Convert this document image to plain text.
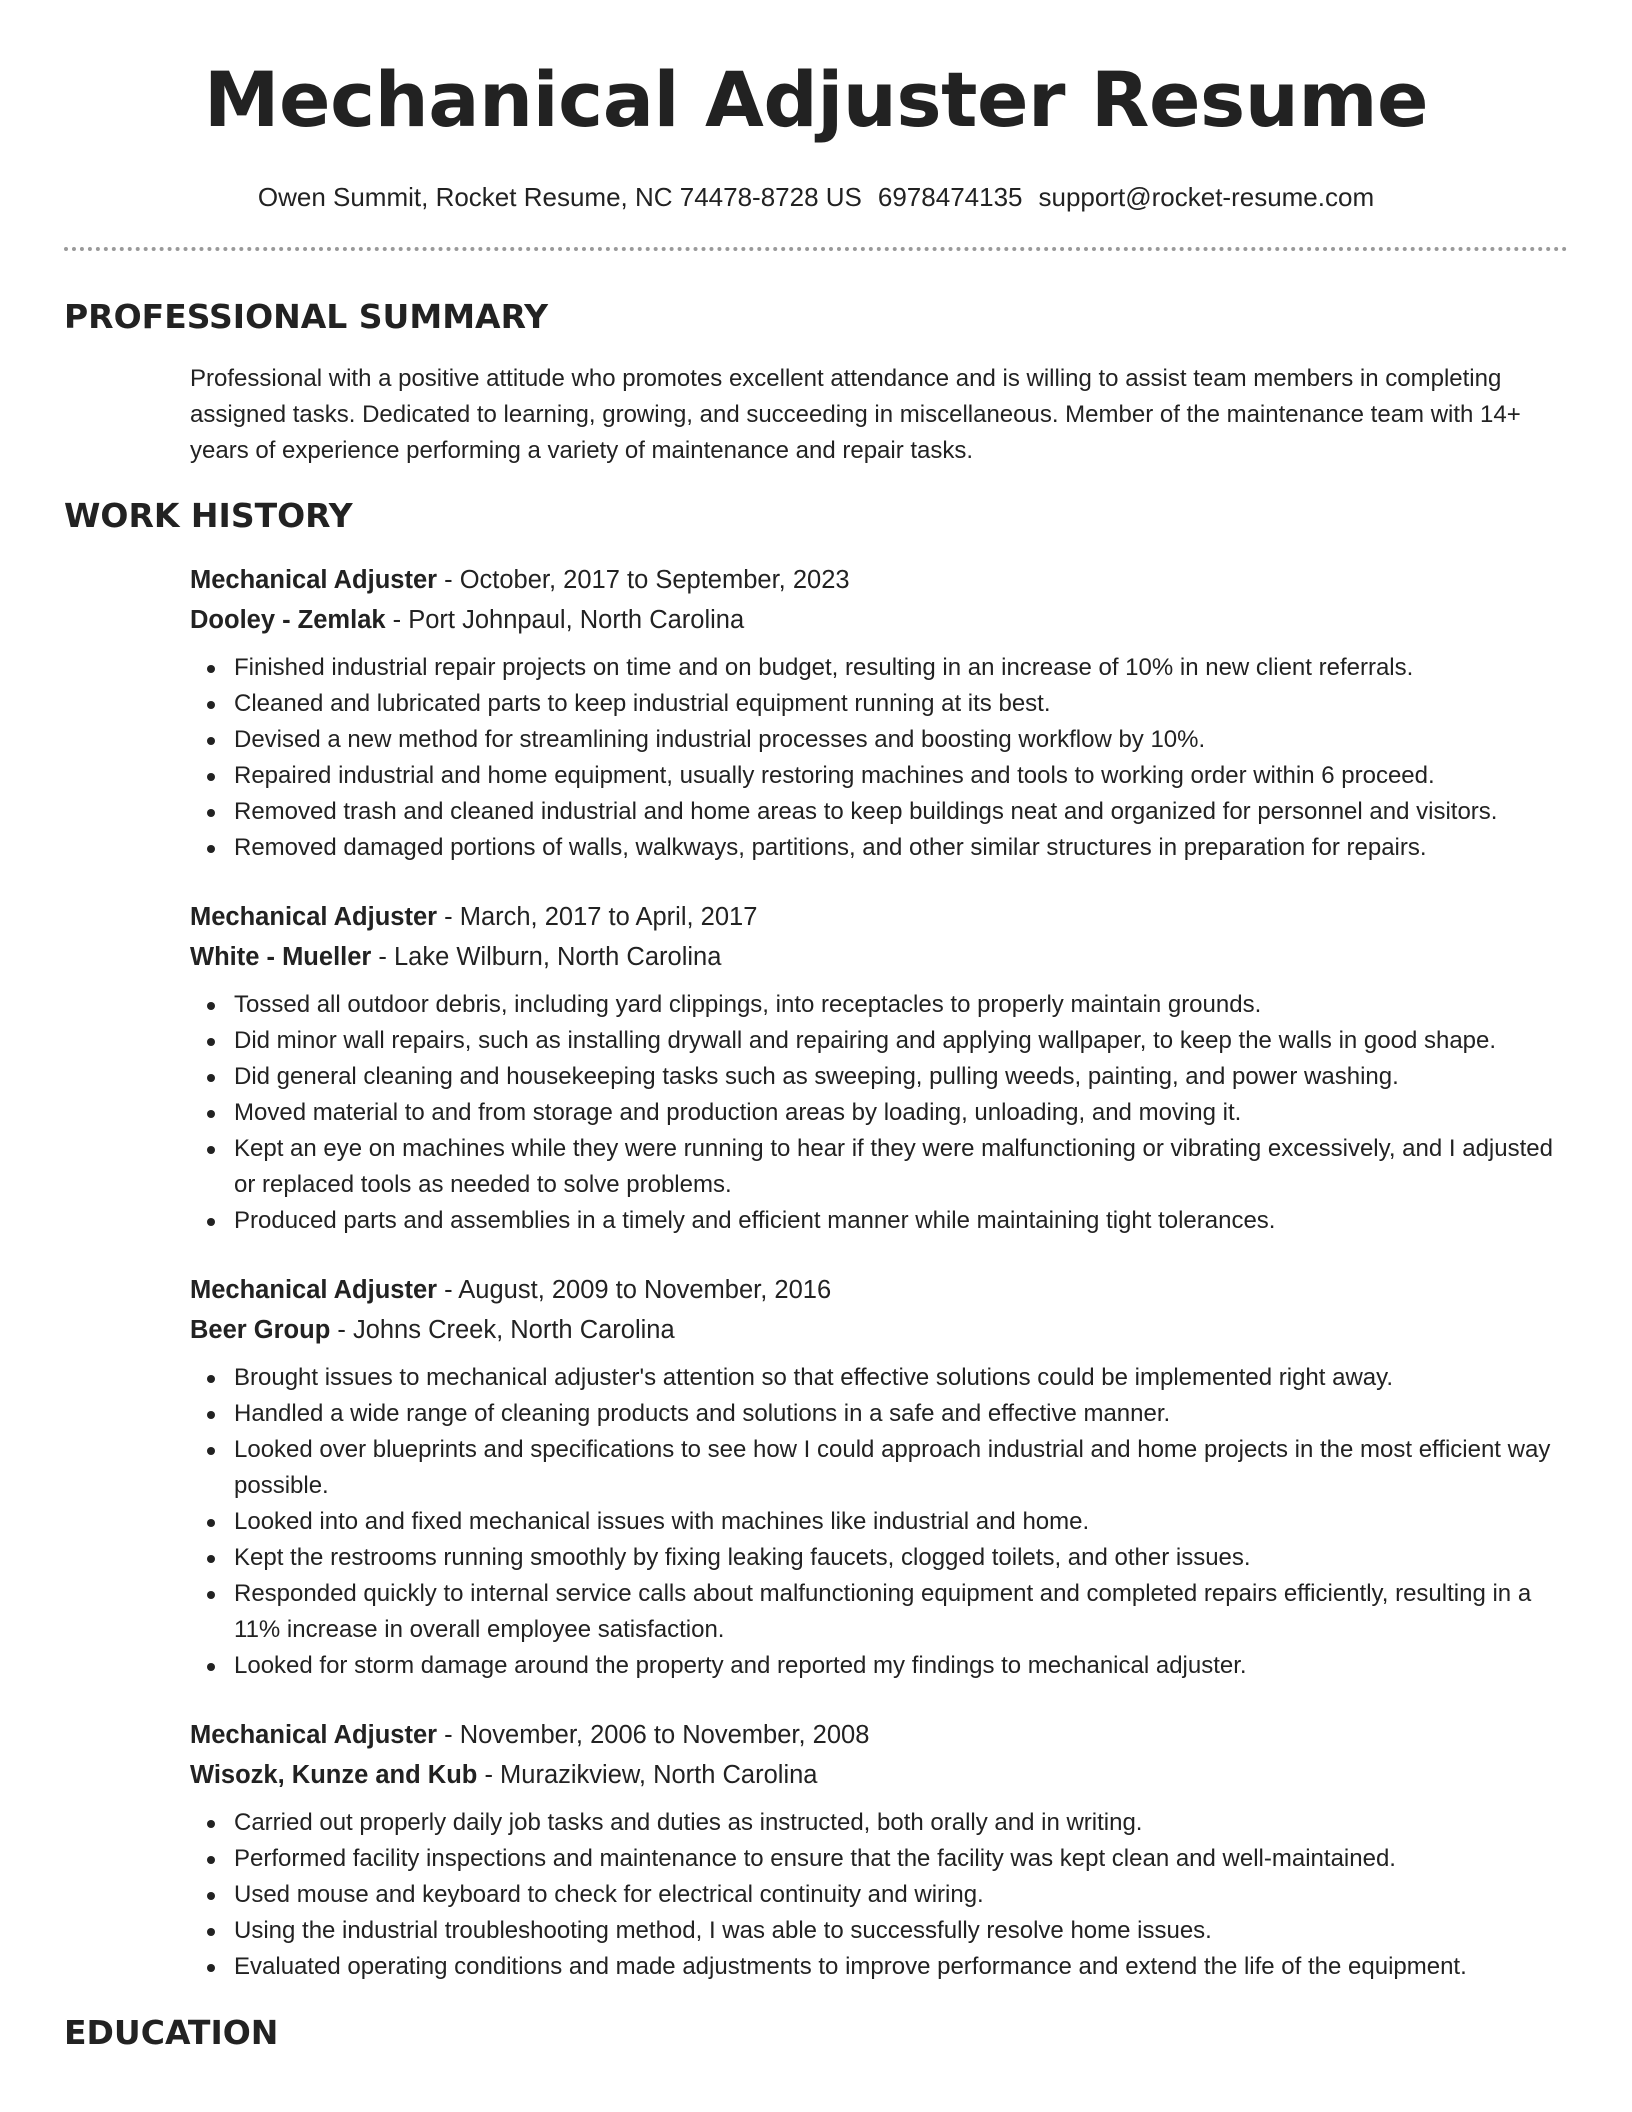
Mechanical Adjuster Resume
Owen Summit, Rocket Resume, NC 74478-8728 US 6978474135 support@rocket-resume.com
PROFESSIONAL SUMMARY

Professional with a positive attitude who promotes excellent attendance and is willing to assist team members in completing assigned tasks. Dedicated to learning, growing, and succeeding in miscellaneous. Member of the maintenance team with 14+ years of experience performing a variety of maintenance and repair tasks.

WORK HISTORY
Mechanical Adjuster - October, 2017 to September, 2023
Dooley - Zemlak - Port Johnpaul, North Carolina
Finished industrial repair projects on time and on budget, resulting in an increase of 10% in new client referrals.
Cleaned and lubricated parts to keep industrial equipment running at its best.
Devised a new method for streamlining industrial processes and boosting workflow by 10%.
Repaired industrial and home equipment, usually restoring machines and tools to working order within 6 proceed.
Removed trash and cleaned industrial and home areas to keep buildings neat and organized for personnel and visitors.
Removed damaged portions of walls, walkways, partitions, and other similar structures in preparation for repairs.
Mechanical Adjuster - March, 2017 to April, 2017
White - Mueller - Lake Wilburn, North Carolina
Tossed all outdoor debris, including yard clippings, into receptacles to properly maintain grounds.
Did minor wall repairs, such as installing drywall and repairing and applying wallpaper, to keep the walls in good shape.
Did general cleaning and housekeeping tasks such as sweeping, pulling weeds, painting, and power washing.
Moved material to and from storage and production areas by loading, unloading, and moving it.
Kept an eye on machines while they were running to hear if they were malfunctioning or vibrating excessively, and I adjusted or replaced tools as needed to solve problems.
Produced parts and assemblies in a timely and efficient manner while maintaining tight tolerances.
Mechanical Adjuster - August, 2009 to November, 2016
Beer Group - Johns Creek, North Carolina
Brought issues to mechanical adjuster's attention so that effective solutions could be implemented right away.
Handled a wide range of cleaning products and solutions in a safe and effective manner.
Looked over blueprints and specifications to see how I could approach industrial and home projects in the most efficient way possible.
Looked into and fixed mechanical issues with machines like industrial and home.
Kept the restrooms running smoothly by fixing leaking faucets, clogged toilets, and other issues.
Responded quickly to internal service calls about malfunctioning equipment and completed repairs efficiently, resulting in a 11% increase in overall employee satisfaction.
Looked for storm damage around the property and reported my findings to mechanical adjuster.
Mechanical Adjuster - November, 2006 to November, 2008
Wisozk, Kunze and Kub - Murazikview, North Carolina
Carried out properly daily job tasks and duties as instructed, both orally and in writing.
Performed facility inspections and maintenance to ensure that the facility was kept clean and well-maintained.
Used mouse and keyboard to check for electrical continuity and wiring.
Using the industrial troubleshooting method, I was able to successfully resolve home issues.
Evaluated operating conditions and made adjustments to improve performance and extend the life of the equipment.
EDUCATION
